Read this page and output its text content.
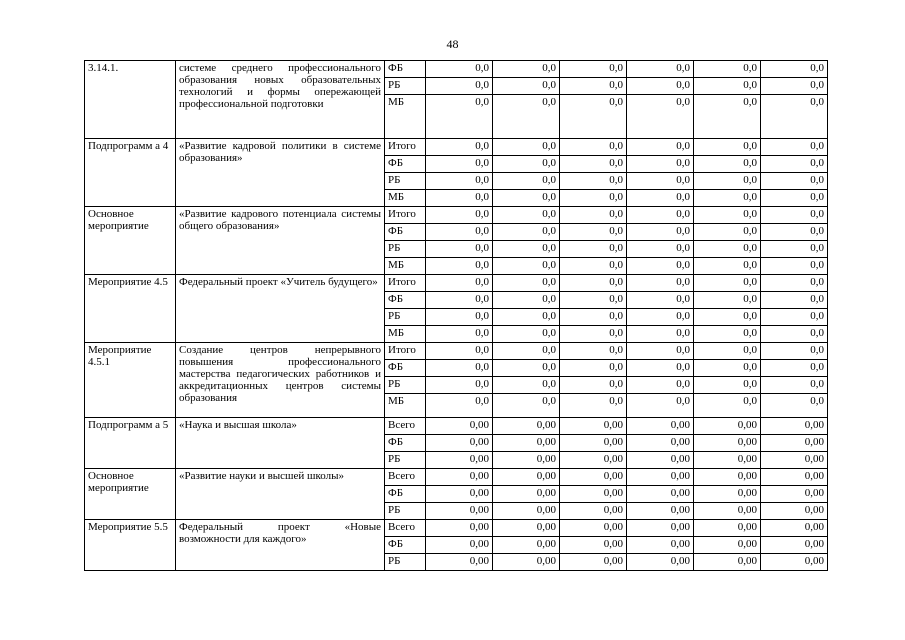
48
3.14.1.	системе среднего профессионального образования новых образовательных технологий и формы опережающей профессиональной подготовки	ФБ	0,0	0,0	0,0	0,0	0,0	0,0
		РБ	0,0	0,0	0,0	0,0	0,0	0,0
		МБ	0,0	0,0	0,0	0,0	0,0	0,0
Подпрограмм а 4	«Развитие кадровой политики в системе образования»	Итого	0,0	0,0	0,0	0,0	0,0	0,0
		ФБ	0,0	0,0	0,0	0,0	0,0	0,0
		РБ	0,0	0,0	0,0	0,0	0,0	0,0
		МБ	0,0	0,0	0,0	0,0	0,0	0,0
Основное мероприятие	«Развитие кадрового потенциала системы общего образования»	Итого	0,0	0,0	0,0	0,0	0,0	0,0
		ФБ	0,0	0,0	0,0	0,0	0,0	0,0
		РБ	0,0	0,0	0,0	0,0	0,0	0,0
		МБ	0,0	0,0	0,0	0,0	0,0	0,0
Мероприятие 4.5	Федеральный проект «Учитель будущего»	Итого	0,0	0,0	0,0	0,0	0,0	0,0
		ФБ	0,0	0,0	0,0	0,0	0,0	0,0
		РБ	0,0	0,0	0,0	0,0	0,0	0,0
		МБ	0,0	0,0	0,0	0,0	0,0	0,0
Мероприятие 4.5.1	Создание центров непрерывного повышения профессионального мастерства педагогических работников и аккредитационных центров системы образования	Итого	0,0	0,0	0,0	0,0	0,0	0,0
		ФБ	0,0	0,0	0,0	0,0	0,0	0,0
		РБ	0,0	0,0	0,0	0,0	0,0	0,0
		МБ	0,0	0,0	0,0	0,0	0,0	0,0
Подпрограмм а 5	«Наука и высшая школа»	Всего	0,00	0,00	0,00	0,00	0,00	0,00
		ФБ	0,00	0,00	0,00	0,00	0,00	0,00
		РБ	0,00	0,00	0,00	0,00	0,00	0,00
Основное мероприятие	«Развитие науки и высшей школы»	Всего	0,00	0,00	0,00	0,00	0,00	0,00
		ФБ	0,00	0,00	0,00	0,00	0,00	0,00
		РБ	0,00	0,00	0,00	0,00	0,00	0,00
Мероприятие 5.5	Федеральный проект «Новые возможности для каждого»	Всего	0,00	0,00	0,00	0,00	0,00	0,00
		ФБ	0,00	0,00	0,00	0,00	0,00	0,00
		РБ	0,00	0,00	0,00	0,00	0,00	0,00
